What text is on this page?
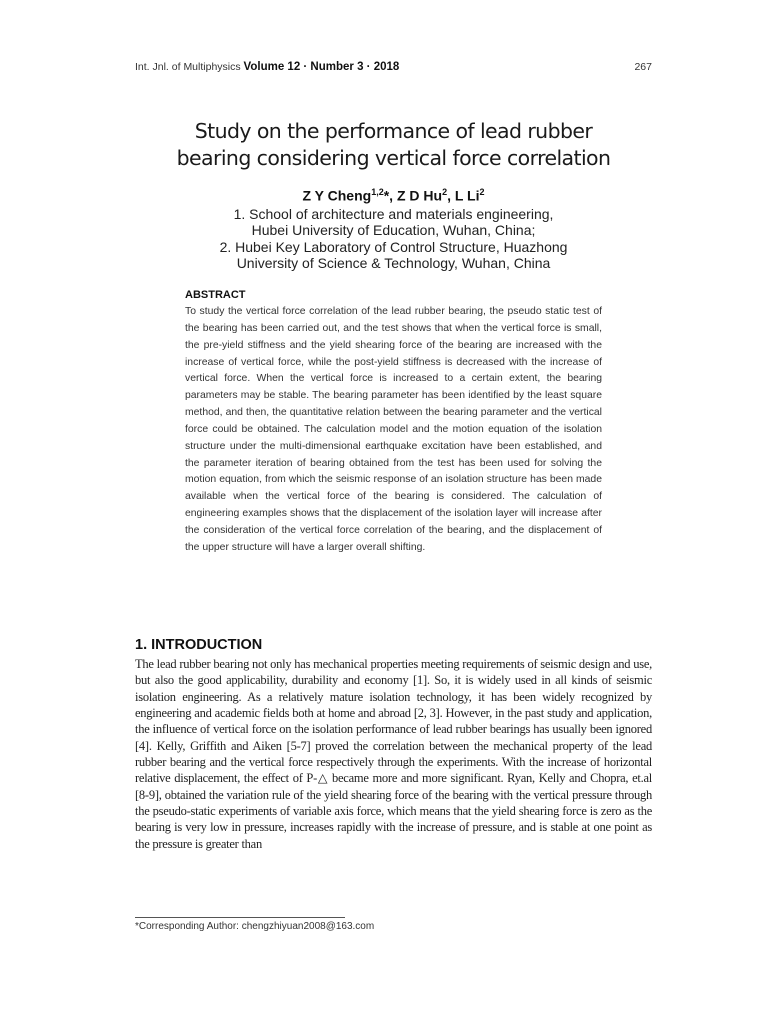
Int. Jnl. of Multiphysics Volume 12 · Number 3 · 2018	267
Study on the performance of lead rubber
bearing considering vertical force correlation
Z Y Cheng$^{1,2}$*, Z D Hu$^2$, L Li$^2$
1. School of architecture and materials engineering,
Hubei University of Education, Wuhan, China;
2. Hubei Key Laboratory of Control Structure, Huazhong
University of Science & Technology, Wuhan, China
ABSTRACT

To study the vertical force correlation of the lead rubber bearing, the pseudo static test of the bearing has been carried out, and the test shows that when the vertical force is small, the pre-yield stiffness and the yield shearing force of the bearing are increased with the increase of vertical force, while the post-yield stiffness is decreased with the increase of vertical force. When the vertical force is increased to a certain extent, the bearing parameters may be stable. The bearing parameter has been identified by the least square method, and then, the quantitative relation between the bearing parameter and the vertical force could be obtained. The calculation model and the motion equation of the isolation structure under the multi-dimensional earthquake excitation have been established, and the parameter iteration of bearing obtained from the test has been used for solving the motion equation, from which the seismic response of an isolation structure has been made available when the vertical force of the bearing is considered. The calculation of engineering examples shows that the displacement of the isolation layer will increase after the consideration of the vertical force correlation of the bearing, and the displacement of the upper structure will have a larger overall shifting.

1. INTRODUCTION

The lead rubber bearing not only has mechanical properties meeting requirements of seismic design and use, but also the good applicability, durability and economy [1]. So, it is widely used in all kinds of seismic isolation engineering. As a relatively mature isolation technology, it has been widely recognized by engineering and academic fields both at home and abroad [2, 3]. However, in the past study and application, the influence of vertical force on the isolation performance of lead rubber bearings has usually been ignored [4]. Kelly, Griffith and Aiken [5-7] proved the correlation between the mechanical property of the lead rubber bearing and the vertical force respectively through the experiments. With the increase of horizontal relative displacement, the effect of P-△ became more and more significant. Ryan, Kelly and Chopra, et.al [8-9], obtained the variation rule of the yield shearing force of the bearing with the vertical pressure through the pseudo-static experiments of variable axis force, which means that the yield shearing force is zero as the bearing is very low in pressure, increases rapidly with the increase of pressure, and is stable at one point as the pressure is greater than

*Corresponding Author: chengzhiyuan2008@163.com
